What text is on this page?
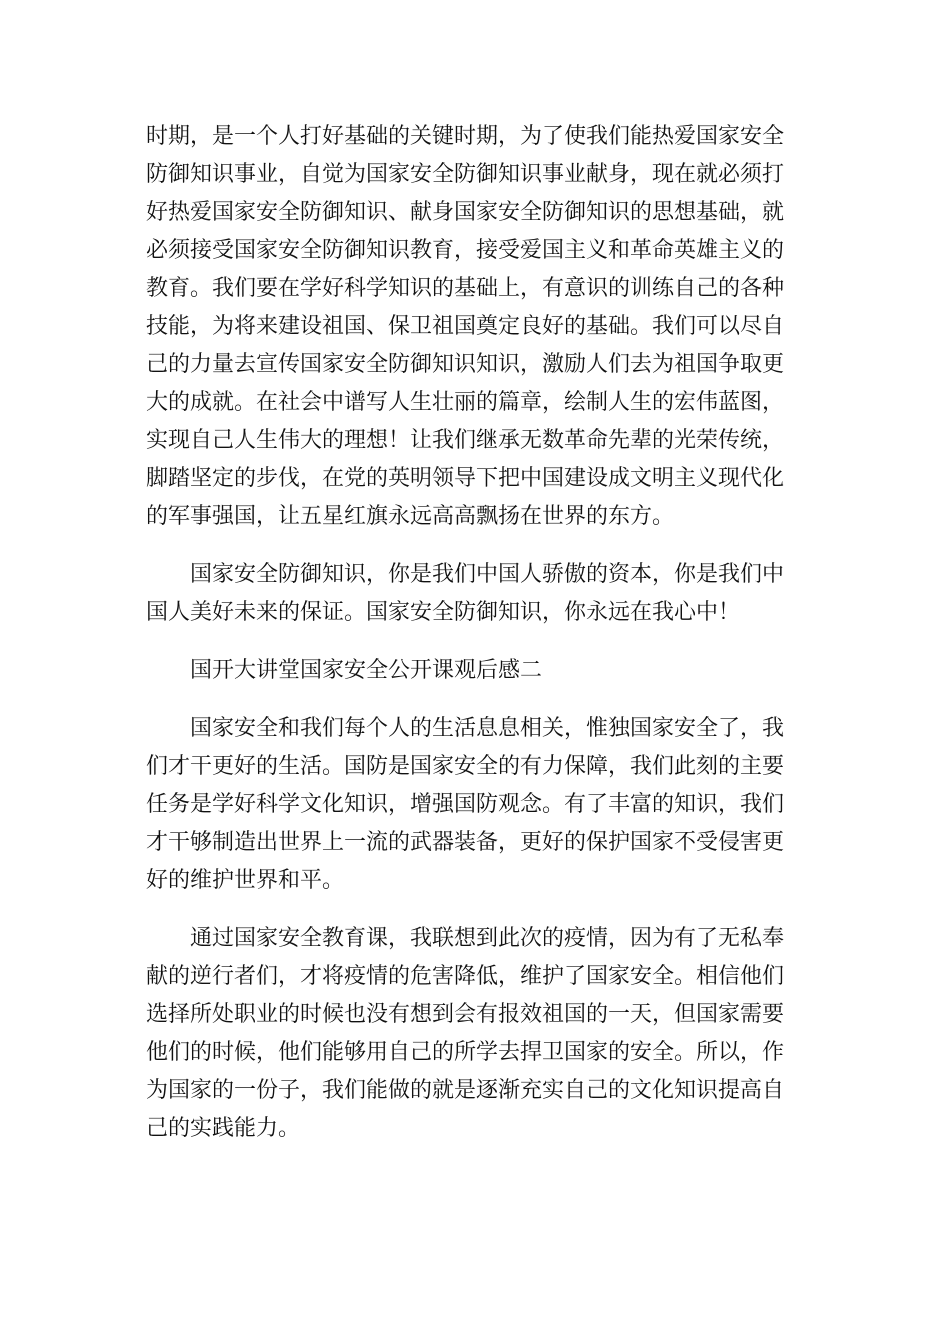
时期，是一个人打好基础的关键时期，为了使我们能热爱国家安全
防御知识事业，自觉为国家安全防御知识事业献身，现在就必须打
好热爱国家安全防御知识、献身国家安全防御知识的思想基础，就
必须接受国家安全防御知识教育，接受爱国主义和革命英雄主义的
教育。我们要在学好科学知识的基础上，有意识的训练自己的各种
技能，为将来建设祖国、保卫祖国奠定良好的基础。我们可以尽自
己的力量去宣传国家安全防御知识知识，激励人们去为祖国争取更
大的成就。在社会中谱写人生壮丽的篇章，绘制人生的宏伟蓝图，
实现自己人生伟大的理想！让我们继承无数革命先辈的光荣传统，
脚踏坚定的步伐，在党的英明领导下把中国建设成文明主义现代化
的军事强国，让五星红旗永远高高飘扬在世界的东方。
国家安全防御知识，你是我们中国人骄傲的资本，你是我们中
国人美好未来的保证。国家安全防御知识，你永远在我心中！
国开大讲堂国家安全公开课观后感二
国家安全和我们每个人的生活息息相关，惟独国家安全了，我
们才干更好的生活。国防是国家安全的有力保障，我们此刻的主要
任务是学好科学文化知识，增强国防观念。有了丰富的知识，我们
才干够制造出世界上一流的武器装备，更好的保护国家不受侵害更
好的维护世界和平。
通过国家安全教育课，我联想到此次的疫情，因为有了无私奉
献的逆行者们，才将疫情的危害降低，维护了国家安全。相信他们
选择所处职业的时候也没有想到会有报效祖国的一天，但国家需要
他们的时候，他们能够用自己的所学去捍卫国家的安全。所以，作
为国家的一份子，我们能做的就是逐渐充实自己的文化知识提高自
己的实践能力。
